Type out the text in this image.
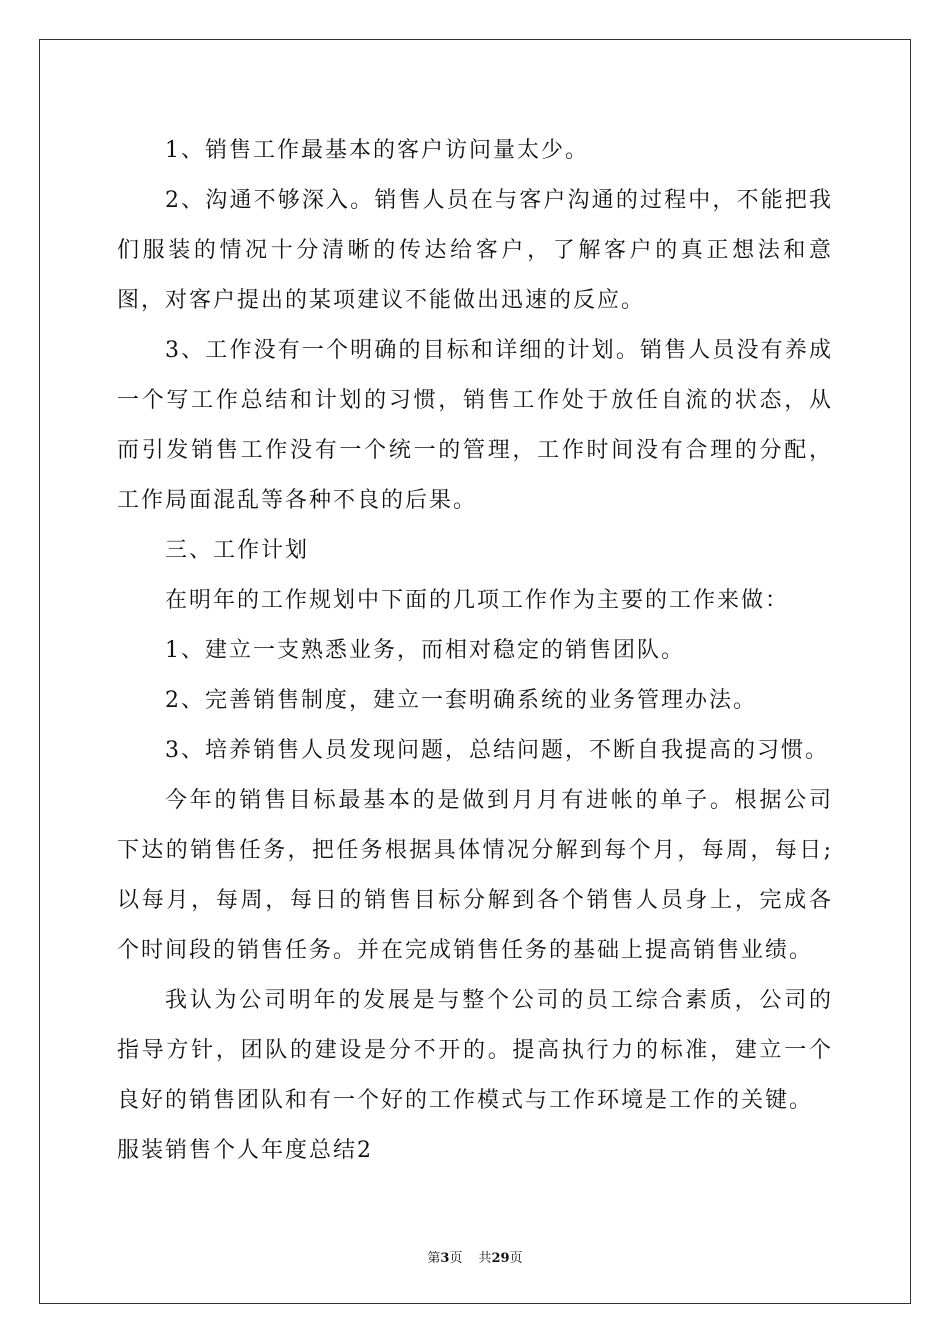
1、销售工作最基本的客户访问量太少。

2、沟通不够深入。销售人员在与客户沟通的过程中，不能把我们服装的情况十分清晰的传达给客户，了解客户的真正想法和意图，对客户提出的某项建议不能做出迅速的反应。

3、工作没有一个明确的目标和详细的计划。销售人员没有养成一个写工作总结和计划的习惯，销售工作处于放任自流的状态，从而引发销售工作没有一个统一的管理，工作时间没有合理的分配，工作局面混乱等各种不良的后果。

三、工作计划

在明年的工作规划中下面的几项工作作为主要的工作来做：

1、建立一支熟悉业务，而相对稳定的销售团队。

2、完善销售制度，建立一套明确系统的业务管理办法。

3、培养销售人员发现问题，总结问题，不断自我提高的习惯。

今年的销售目标最基本的是做到月月有进帐的单子。根据公司下达的销售任务，把任务根据具体情况分解到每个月，每周，每日;以每月，每周，每日的销售目标分解到各个销售人员身上，完成各个时间段的销售任务。并在完成销售任务的基础上提高销售业绩。

我认为公司明年的发展是与整个公司的员工综合素质，公司的指导方针，团队的建设是分不开的。提高执行力的标准，建立一个良好的销售团队和有一个好的工作模式与工作环境是工作的关键。

服装销售个人年度总结2

第3页 共29页
